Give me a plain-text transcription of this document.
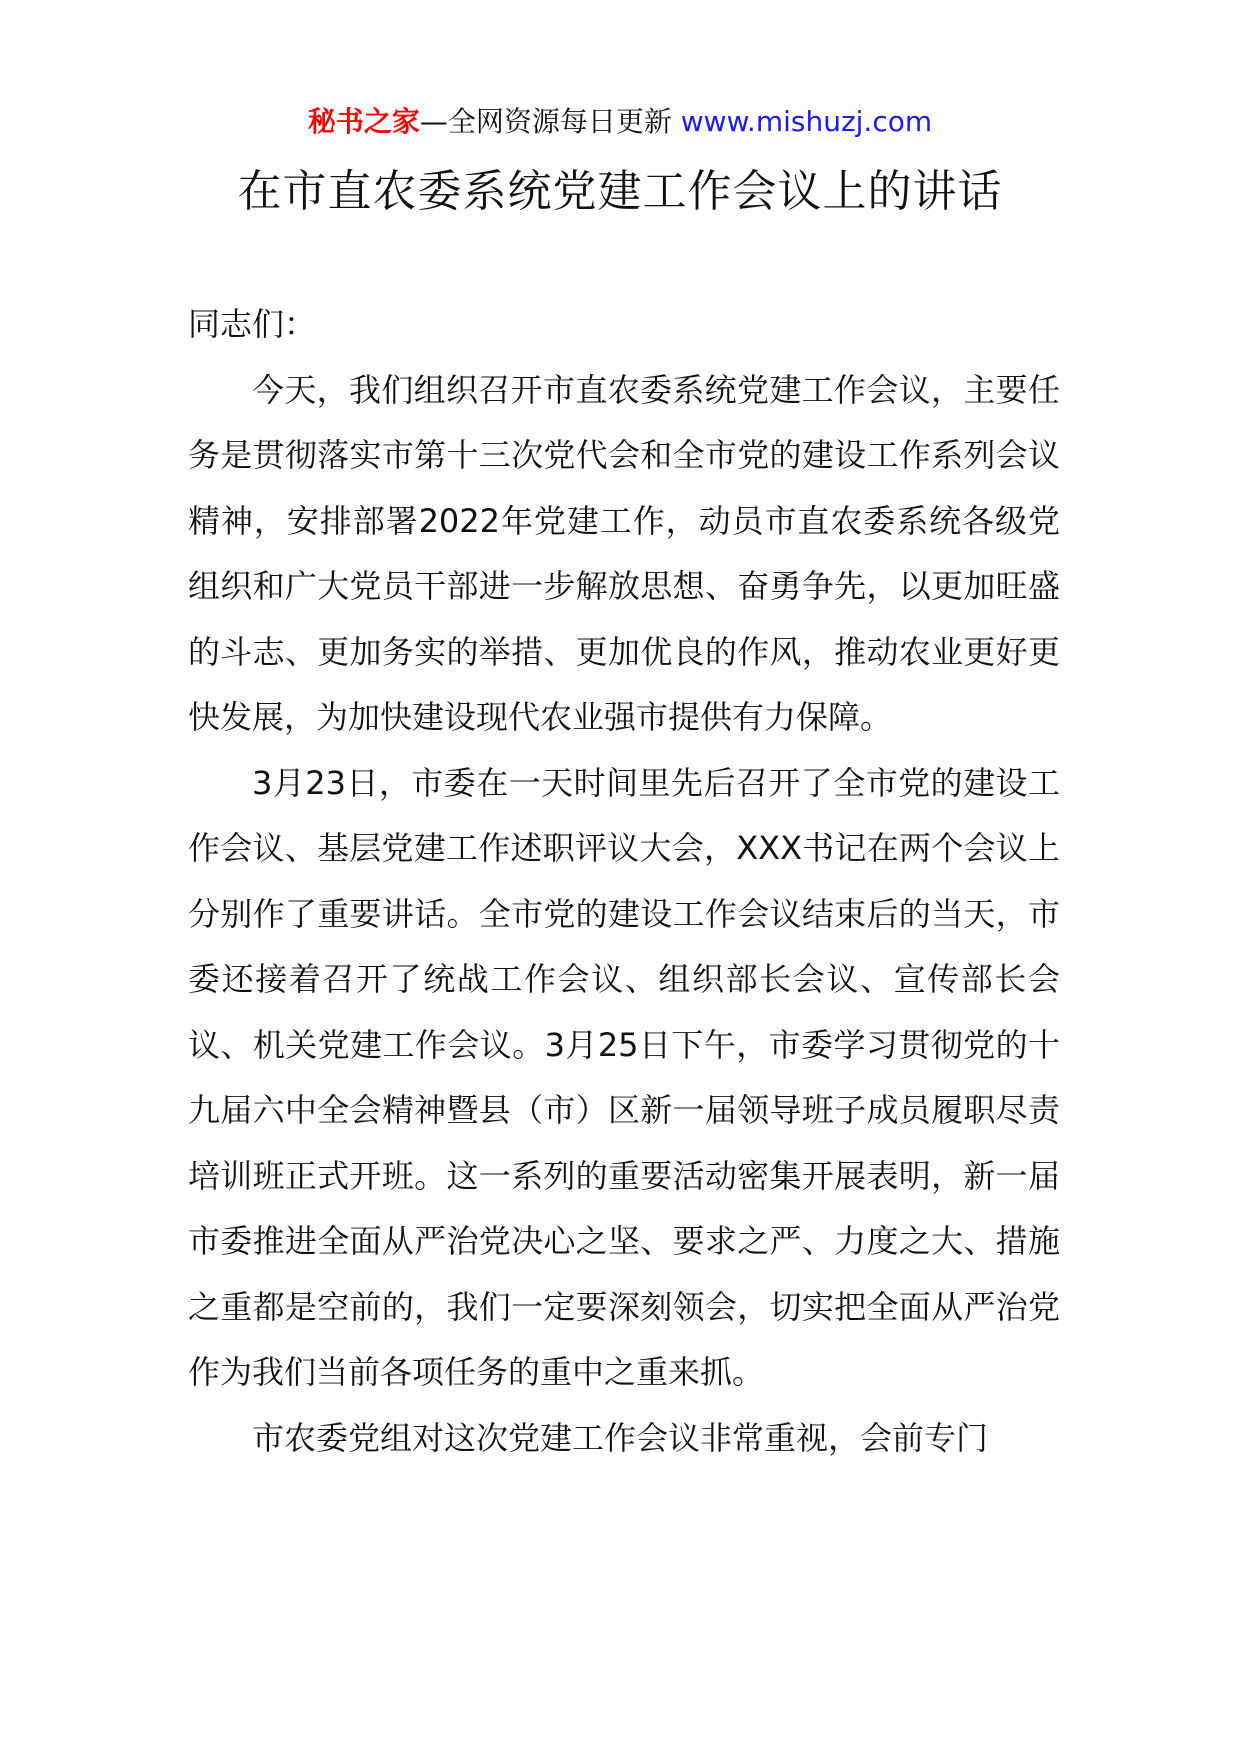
秘书之家—全网资源每日更新 www.mishuzj.com
在市直农委系统党建工作会议上的讲话

同志们：

今天，我们组织召开市直农委系统党建工作会议，主要任务是贯彻落实市第十三次党代会和全市党的建设工作系列会议精神，安排部署2022年党建工作，动员市直农委系统各级党组织和广大党员干部进一步解放思想、奋勇争先，以更加旺盛的斗志、更加务实的举措、更加优良的作风，推动农业更好更快发展，为加快建设现代农业强市提供有力保障。

3月23日，市委在一天时间里先后召开了全市党的建设工作会议、基层党建工作述职评议大会，XXX书记在两个会议上分别作了重要讲话。全市党的建设工作会议结束后的当天，市委还接着召开了统战工作会议、组织部长会议、宣传部长会议、机关党建工作会议。3月25日下午，市委学习贯彻党的十九届六中全会精神暨县（市）区新一届领导班子成员履职尽责培训班正式开班。这一系列的重要活动密集开展表明，新一届市委推进全面从严治党决心之坚、要求之严、力度之大、措施之重都是空前的，我们一定要深刻领会，切实把全面从严治党作为我们当前各项任务的重中之重来抓。

市农委党组对这次党建工作会议非常重视，会前专门
